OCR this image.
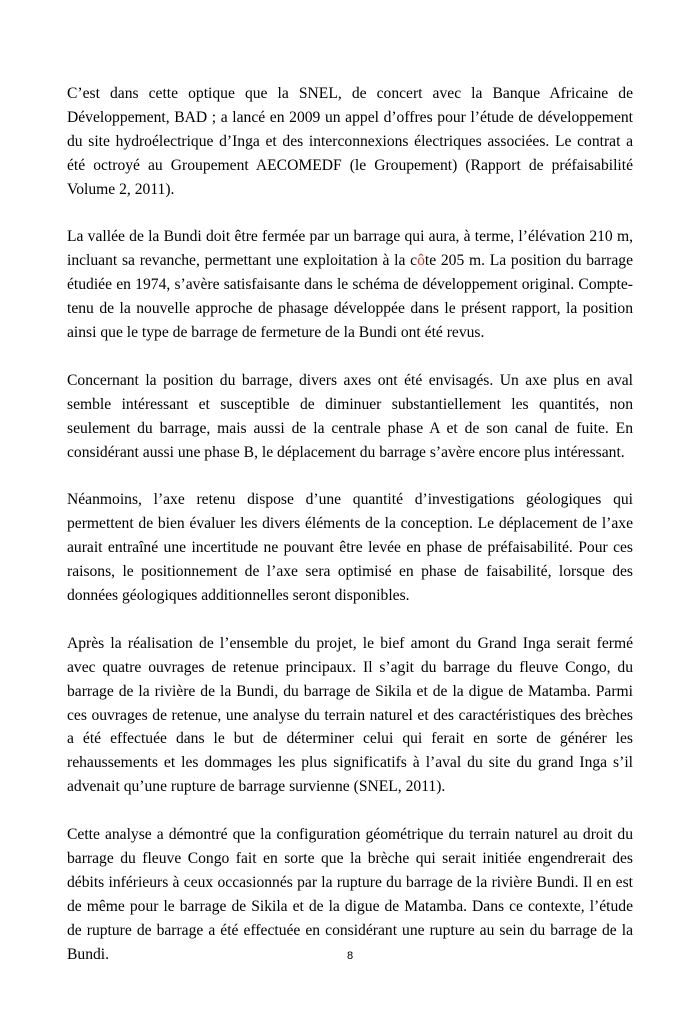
C’est dans cette optique que la SNEL, de concert avec la Banque Africaine de Développement, BAD ; a lancé en 2009 un appel d’offres pour l’étude de développement du site hydroélectrique d’Inga et des interconnexions électriques associées. Le contrat a été octroyé au Groupement AECOMEDF (le Groupement) (Rapport de préfaisabilité Volume 2, 2011).

La vallée de la Bundi doit être fermée par un barrage qui aura, à terme, l’élévation 210 m, incluant sa revanche, permettant une exploitation à la côte 205 m. La position du barrage étudiée en 1974, s’avère satisfaisante dans le schéma de développement original. Compte-tenu de la nouvelle approche de phasage développée dans le présent rapport, la position ainsi que le type de barrage de fermeture de la Bundi ont été revus.

Concernant la position du barrage, divers axes ont été envisagés. Un axe plus en aval semble intéressant et susceptible de diminuer substantiellement les quantités, non seulement du barrage, mais aussi de la centrale phase A et de son canal de fuite. En considérant aussi une phase B, le déplacement du barrage s’avère encore plus intéressant.

Néanmoins, l’axe retenu dispose d’une quantité d’investigations géologiques qui permettent de bien évaluer les divers éléments de la conception. Le déplacement de l’axe aurait entraîné une incertitude ne pouvant être levée en phase de préfaisabilité. Pour ces raisons, le positionnement de l’axe sera optimisé en phase de faisabilité, lorsque des données géologiques additionnelles seront disponibles.

Après la réalisation de l’ensemble du projet, le bief amont du Grand Inga serait fermé avec quatre ouvrages de retenue principaux. Il s’agit du barrage du fleuve Congo, du barrage de la rivière de la Bundi, du barrage de Sikila et de la digue de Matamba. Parmi ces ouvrages de retenue, une analyse du terrain naturel et des caractéristiques des brèches a été effectuée dans le but de déterminer celui qui ferait en sorte de générer les rehaussements et les dommages les plus significatifs à l’aval du site du grand Inga s’il advenait qu’une rupture de barrage survienne (SNEL, 2011).

Cette analyse a démontré que la configuration géométrique du terrain naturel au droit du barrage du fleuve Congo fait en sorte que la brèche qui serait initiée engendrerait des débits inférieurs à ceux occasionnés par la rupture du barrage de la rivière Bundi. Il en est de même pour le barrage de Sikila et de la digue de Matamba. Dans ce contexte, l’étude de rupture de barrage a été effectuée en considérant une rupture au sein du barrage de la Bundi.	8
